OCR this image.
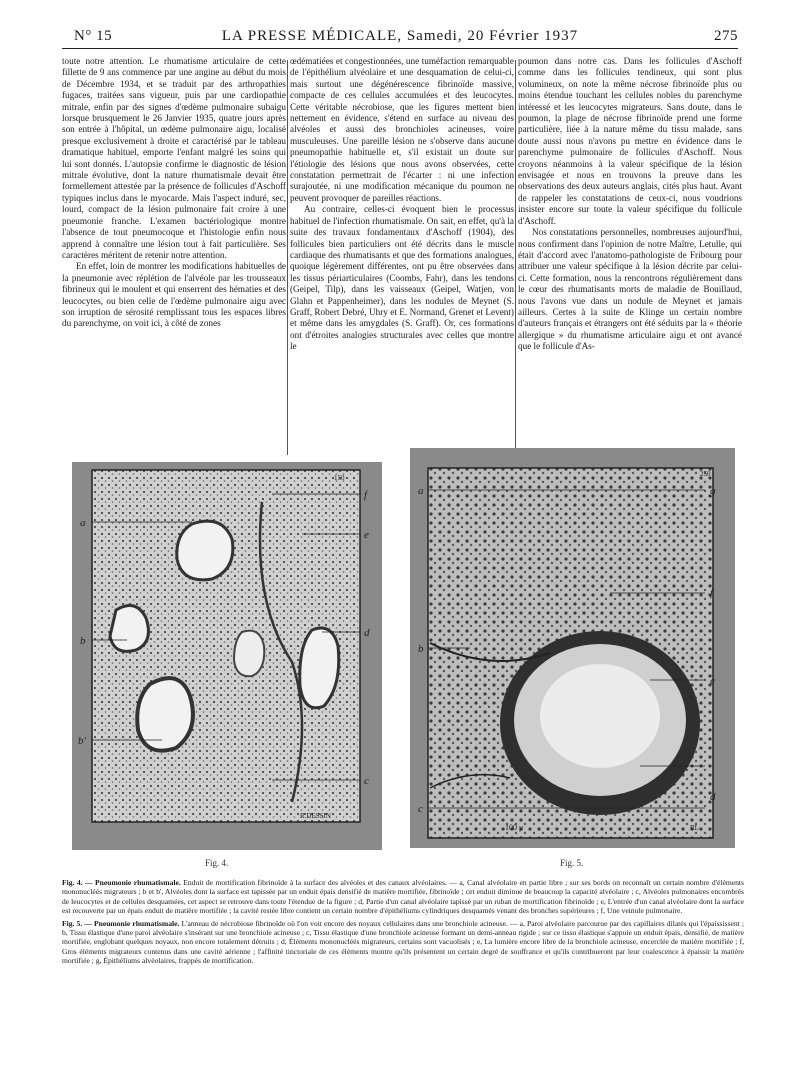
N° 15	LA PRESSE MÉDICALE, Samedi, 20 Février 1937	275

toute notre attention. Le rhumatisme articulaire de cette fillette de 9 ans commence par une angine au début du mois de Décembre 1934, et se traduit par des arthropathies fugaces, traitées sans vigueur, puis par une cardiopathie mitrale, enfin par des signes d'œdème pulmonaire subaigu lorsque brusquement le 26 Janvier 1935, quatre jours après son entrée à l'hôpital, un œdème pulmonaire aigu, localisé presque exclusivement à droite et caractérisé par le tableau dramatique habituel, emporte l'enfant malgré les soins qui lui sont donnés. L'autopsie confirme le diagnostic de lésion mitrale évolutive, dont la nature rhumatismale devait être formellement attestée par la présence de follicules d'Aschoff typiques inclus dans le myocarde. Mais l'aspect induré, sec, lourd, compact de la lésion pulmonaire fait croire à une pneumonie franche. L'examen bactériologique montre l'absence de tout pneumocoque et l'histologie enfin nous apprend à connaître une lésion tout à fait particulière. Ses caractères méritent de retenir notre attention.

En effet, loin de montrer les modifications habituelles de la pneumonie avec réplétion de l'alvéole par les trousseaux fibrineux qui le moulent et qui enserrent des hématies et des leucocytes, ou bien celle de l'œdème pulmonaire aigu avec son irruption de sérosité remplissant tous les espaces libres du parenchyme, on voit ici, à côté de zones

œdématiées et congestionnées, une tuméfaction remarquable de l'épithélium alvéolaire et une desquamation de celui-ci, mais surtout une dégénérescence fibrinoïde massive, compacte de ces cellules accumulées et des leucocytes. Cette véritable nécrobiose, que les figures mettent bien nettement en évidence, s'étend en surface au niveau des alvéoles et aussi des bronchioles acineuses, voire musculeuses. Une pareille lésion ne s'observe dans aucune pneumopathie habituelle et, s'il existait un doute sur l'étiologie des lésions que nous avons observées, cette constatation permettrait de l'écarter : ni une infection surajoutée, ni une modification mécanique du poumon ne peuvent provoquer de pareilles réactions.

Au contraire, celles-ci évoquent bien le processus habituel de l'infection rhumatismale. On sait, en effet, qu'à la suite des travaux fondamentaux d'Aschoff (1904), des follicules bien particuliers ont été décrits dans le muscle cardiaque des rhumatisants et que des formations analogues, quoique légèrement différentes, ont pu être observées dans les tissus périarticulaires (Coombs, Fahr), dans les tendons (Geipel, Tilp), dans les vaisseaux (Geipel, Watjen, von Glahn et Pappenheimer), dans les nodules de Meynet (S. Graff, Robert Debré, Uhry et E. Normand, Grenet et Levent) et même dans les amygdales (S. Graff). Or, ces formations ont d'étroites analogies structurales avec celles que montre le

poumon dans notre cas. Dans les follicules d'Aschoff comme dans les follicules tendineux, qui sont plus volumineux, on note la même nécrose fibrinoïde plus ou moins étendue touchant les cellules nobles du parenchyme intéressé et les leucocytes migrateurs. Sans doute, dans le poumon, la plage de nécrose fibrinoïde prend une forme particulière, liée à la nature même du tissu malade, sans doute aussi nous n'avons pu mettre en évidence dans le parenchyme pulmonaire de follicules d'Aschoff. Nous croyons néanmoins à la valeur spécifique de la lésion envisagée et nous en trouvons la preuve dans les observations des deux auteurs anglais, cités plus haut. Avant de rappeler les constatations de ceux-ci, nous voudrions insister encore sur toute la valeur spécifique du follicule d'Aschoff.

Nos constatations personnelles, nombreuses aujourd'hui, nous confirment dans l'opinion de notre Maître, Letulle, qui était d'accord avec l'anatomo-pathologiste de Fribourg pour attribuer une valeur spécifique à la lésion décrite par celui-ci. Cette formation, nous la rencontrons régulièrement dans le cœur des rhumatisants morts de maladie de Bouillaud, nous l'avons vue dans un nodule de Meynet et jamais ailleurs. Certes à la suite de Klinge un certain nombre d'auteurs français et étrangers ont été séduits par la « théorie allergique » du rhumatisme articulaire aigu et ont avancé que le follicule d'As-

a
b
b'
c
d
e
f
150
R.DESSIN
Fig. 4.
a
b
c
d
e
f
g
250
100 μ	RL
Fig. 5.

Fig. 4. — Pneumonie rhumatismale. Enduit de mortification fibrinoïde à la surface des alvéoles et des canaux alvéolaires. — a, Canal alvéolaire en partie libre ; sur ses bords on reconnaît un certain nombre d'éléments mononucléés migrateurs ; b et b', Alvéoles dont la surface est tapissée par un enduit épais densifié de matière mortifiée, fibrinoïde ; cet enduit diminue de beaucoup la capacité alvéolaire ; c, Alvéoles pulmonaires encombrés de leucocytes et de cellules desquamées, cet aspect se retrouve dans toute l'étendue de la figure ; d, Partie d'un canal alvéolaire tapissé par un ruban de mortification fibrinoïde ; e, L'entrée d'un canal alvéolaire dont la surface est recouverte par un épais enduit de matière mortifiée ; la cavité restée libre contient un certain nombre d'épithéliums cylindriques desquamés venant des bronches supérieures ; f, Une veinule pulmonaire.

Fig. 5. — Pneumonie rhumatismale. L'anneau de nécrobiose fibrinoïde où l'on voit encore des noyaux cellulaires dans une bronchiole acineuse. — a, Paroi alvéolaire parcourue par des capillaires dilatés qui l'épaississent ; b, Tissu élastique d'une paroi alvéolaire s'insérant sur une bronchiole acineuse ; c, Tissu élastique d'une bronchiole acineuse formant un demi-anneau rigide ; sur ce tissu élastique s'appuie un enduit épais, densifié, de matière mortifiée, englobant quelques noyaux, non encore totalement détruits ; d, Éléments mononucléés migrateurs, certains sont vacuolisés ; e, La lumière encore libre de la bronchiole acineuse, encerclée de matière mortifiée ; f, Gros éléments migrateurs contenus dans une cavité aérienne ; l'affinité tinctoriale de ces éléments montre qu'ils présentent un certain degré de souffrance et qu'ils contribueront par leur coalescence à épaissir la matière mortifiée ; g, Épithéliums alvéolaires, frappés de mortification.
